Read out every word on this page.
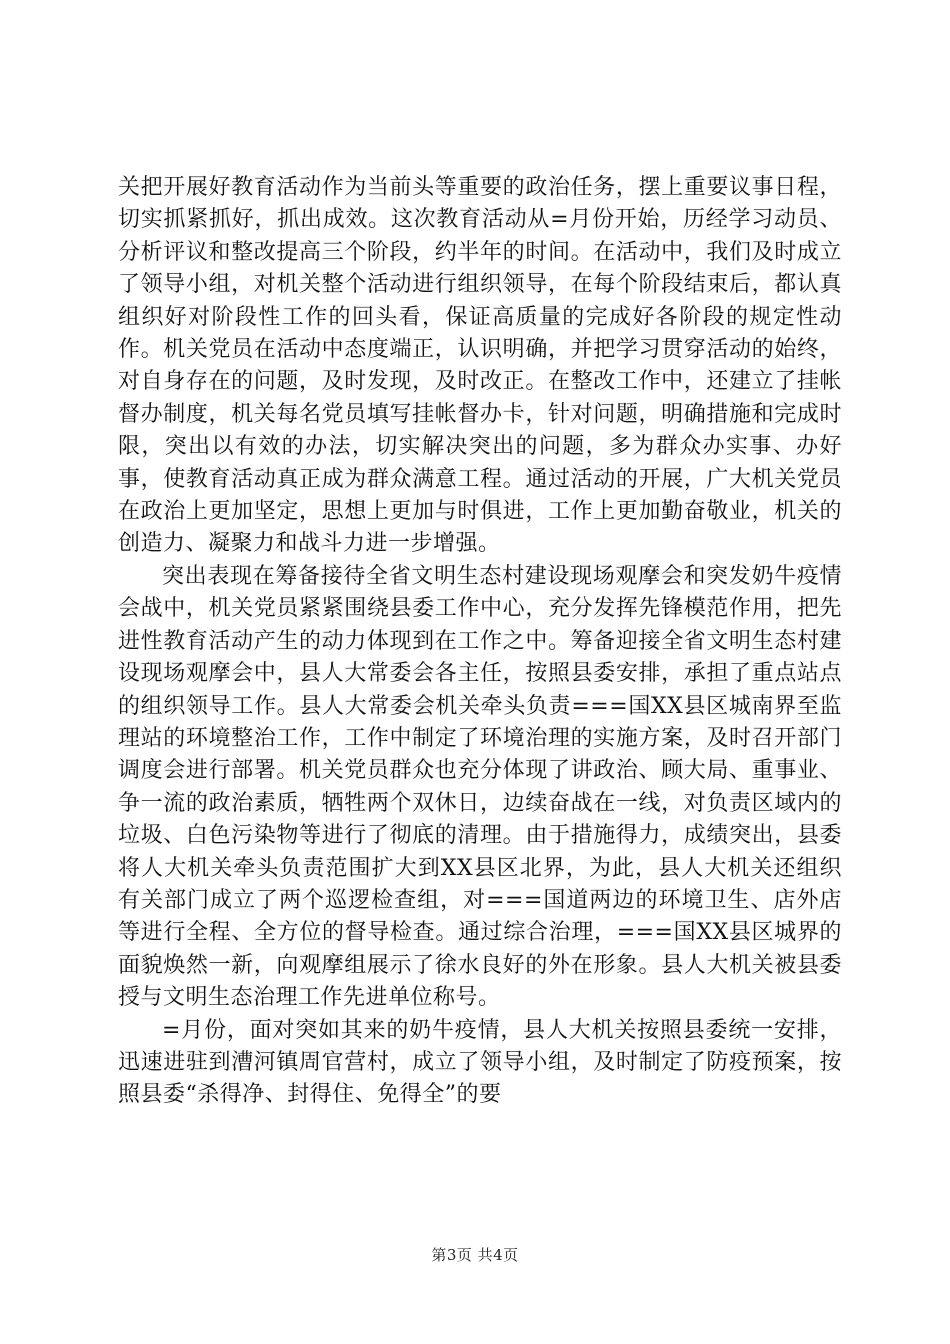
关把开展好教育活动作为当前头等重要的政治任务，摆上重要议事日程，切实抓紧抓好，抓出成效。这次教育活动从=月份开始，历经学习动员、分析评议和整改提高三个阶段，约半年的时间。在活动中，我们及时成立了领导小组，对机关整个活动进行组织领导，在每个阶段结束后，都认真组织好对阶段性工作的回头看，保证高质量的完成好各阶段的规定性动作。机关党员在活动中态度端正，认识明确，并把学习贯穿活动的始终，对自身存在的问题，及时发现，及时改正。在整改工作中，还建立了挂帐督办制度，机关每名党员填写挂帐督办卡，针对问题，明确措施和完成时限，突出以有效的办法，切实解决突出的问题，多为群众办实事、办好事，使教育活动真正成为群众满意工程。通过活动的开展，广大机关党员在政治上更加坚定，思想上更加与时俱进，工作上更加勤奋敬业，机关的创造力、凝聚力和战斗力进一步增强。

突出表现在筹备接待全省文明生态村建设现场观摩会和突发奶牛疫情会战中，机关党员紧紧围绕县委工作中心，充分发挥先锋模范作用，把先进性教育活动产生的动力体现到在工作之中。筹备迎接全省文明生态村建设现场观摩会中，县人大常委会各主任，按照县委安排，承担了重点站点的组织领导工作。县人大常委会机关牵头负责===国XX县区城南界至监理站的环境整治工作，工作中制定了环境治理的实施方案，及时召开部门调度会进行部署。机关党员群众也充分体现了讲政治、顾大局、重事业、争一流的政治素质，牺牲两个双休日，边续奋战在一线，对负责区域内的垃圾、白色污染物等进行了彻底的清理。由于措施得力，成绩突出，县委将人大机关牵头负责范围扩大到XX县区北界，为此，县人大机关还组织有关部门成立了两个巡逻检查组，对===国道两边的环境卫生、店外店等进行全程、全方位的督导检查。通过综合治理，===国XX县区城界的面貌焕然一新，向观摩组展示了徐水良好的外在形象。县人大机关被县委授与文明生态治理工作先进单位称号。

=月份，面对突如其来的奶牛疫情，县人大机关按照县委统一安排，迅速进驻到漕河镇周官营村，成立了领导小组，及时制定了防疫预案，按照县委“杀得净、封得住、免得全”的要

第3页 共4页
